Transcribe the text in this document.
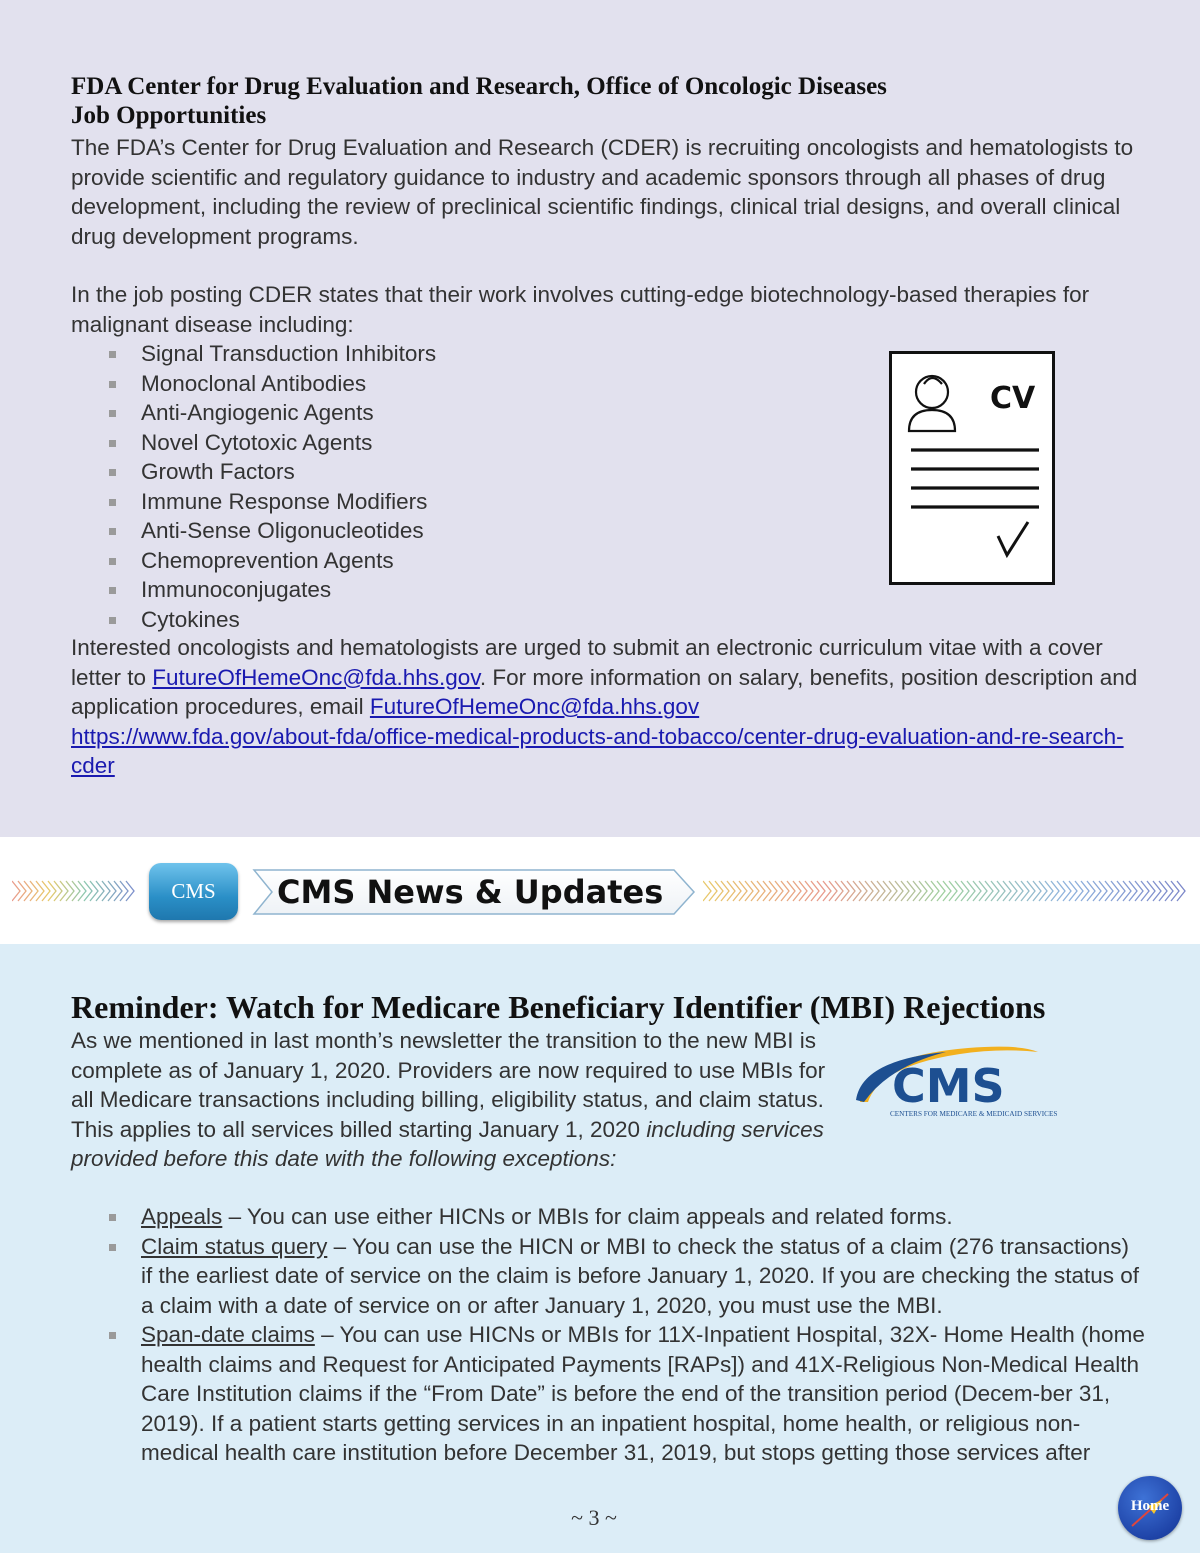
FDA Center for Drug Evaluation and Research, Office of Oncologic Diseases
Job Opportunities
The FDA’s Center for Drug Evaluation and Research (CDER) is recruiting oncologists and hematologists to provide scientific and regulatory guidance to industry and academic sponsors through all phases of drug development, including the review of preclinical scientific findings, clinical trial designs, and overall clinical drug development programs.
In the job posting CDER states that their work involves cutting-edge biotechnology-based therapies for malignant disease including:
Signal Transduction Inhibitors
Monoclonal Antibodies
Anti-Angiogenic Agents
Novel Cytotoxic Agents
Growth Factors
Immune Response Modifiers
Anti-Sense Oligonucleotides
Chemoprevention Agents
Immunoconjugates
Cytokines
Interested oncologists and hematologists are urged to submit an electronic curriculum vitae with a cover letter to FutureOfHemeOnc@fda.hhs.gov. For more information on salary, benefits, position description and application procedures, email FutureOfHemeOnc@fda.hhs.gov
https://www.fda.gov/about-fda/office-medical-products-and-tobacco/center-drug-evaluation-and-re-search-cder
CV
CMS	CMS News & Updates
Reminder: Watch for Medicare Beneficiary Identifier (MBI) Rejections
As we mentioned in last month’s newsletter the transition to the new MBI is complete as of January 1, 2020. Providers are now required to use MBIs for all Medicare transactions including billing, eligibility status, and claim status. This applies to all services billed starting January 1, 2020 including services provided before this date with the following exceptions:
CMS
CENTERS FOR MEDICARE & MEDICAID SERVICES
Appeals – You can use either HICNs or MBIs for claim appeals and related forms.
Claim status query – You can use the HICN or MBI to check the status of a claim (276 transactions) if the earliest date of service on the claim is before January 1, 2020. If you are checking the status of a claim with a date of service on or after January 1, 2020, you must use the MBI.
Span-date claims – You can use HICNs or MBIs for 11X-Inpatient Hospital, 32X- Home Health (home health claims and Request for Anticipated Payments [RAPs]) and 41X-Religious Non-Medical Health Care Institution claims if the “From Date” is before the end of the transition period (Decem-ber 31, 2019). If a patient starts getting services in an inpatient hospital, home health, or religious non-medical health care institution before December 31, 2019, but stops getting those services after
~ 3 ~	Home
